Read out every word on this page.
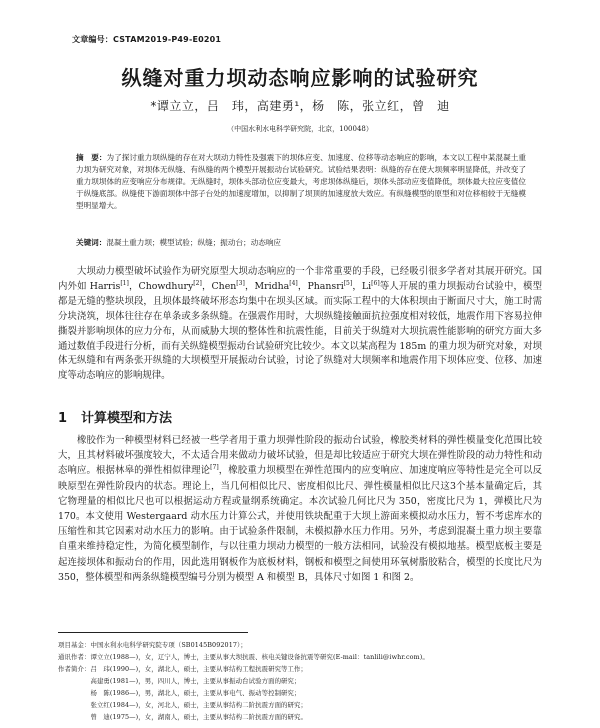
文章编号：CSTAM2019-P49-E0201
纵缝对重力坝动态响应影响的试验研究
*谭立立，吕　玮，高建勇¹，杨　陈，张立红，曾　迪
（中国水利水电科学研究院，北京，100048）
摘　要：为了探讨重力坝纵缝的存在对大坝动力特性及强震下的坝体应变、加速度、位移等动态响应的影响，本文以工程中某混凝土重力坝为研究对象，对坝体无纵缝、有纵缝的两个模型开展振动台试验研究。试验结果表明：纵缝的存在使大坝频率明显降低，并改变了重力坝坝体的应变响应分布规律。无纵缝时，坝体头部动位应变最大，考虑坝体纵缝后，坝体头部动应变值降低，坝体最大拉应变值位于纵缝底部。纵缝使下游面坝体中部子台处的加速度增加，以抑制了坝顶的加速度放大效应。有纵缝模型的原型和对位移相较于无缝模型明显增大。
关键词：混凝土重力坝；模型试验；纵缝；振动台；动态响应
大坝动力模型破坏试验作为研究原型大坝动态响应的一个非常重要的手段，已经吸引很多学者对其展开研究。国内外如 Harris[1]，Chowdhury[2]，Chen[3]，Mridha[4]，Phansri[5]，Li[6]等人开展的重力坝振动台试验中，模型都是无缝的整块坝段，且坝体最终破坏形态均集中在坝头区域。而实际工程中的大体积坝由于断面尺寸大，施工时需分块浇筑，坝体往往存在单条或多条纵缝。在强震作用时，大坝纵缝接触面抗拉强度相对较低，地震作用下容易拉伸撕裂并影响坝体的应力分布，从而威胁大坝的整体性和抗震性能，目前关于纵缝对大坝抗震性能影响的研究方面大多通过数值手段进行分析，而有关纵缝模型振动台试验研究比较少。本文以某高程为 185m 的重力坝为研究对象，对坝体无纵缝和有两条张开纵缝的大坝模型开展振动台试验，讨论了纵缝对大坝频率和地震作用下坝体应变、位移、加速度等动态响应的影响规律。
1 计算模型和方法
橡胶作为一种模型材料已经被一些学者用于重力坝弹性阶段的振动台试验，橡胶类材料的弹性模量变化范围比较大，且其材料破坏强度较大，不太适合用来做动力破坏试验，但是却比较适应于研究大坝在弹性阶段的动力特性和动态响应。根据林皋的弹性相似律理论[7]，橡胶重力坝模型在弹性范围内的应变响应、加速度响应等特性是完全可以反映原型在弹性阶段内的状态。理论上，当几何相似比尺、密度相似比尺、弹性模量相似比尺这3个基本量确定后，其它物理量的相似比尺也可以根据运动方程或量纲系统确定。本次试验几何比尺为 350，密度比尺为 1，弹模比尺为 170。本文使用 Westergaard 动水压力计算公式，并使用铁块配重于大坝上游面来模拟动水压力，暂不考虑库水的压缩性和其它因素对动水压力的影响。由于试验条件限制，未模拟静水压力作用。另外，考虑到混凝土重力坝主要靠自重来维持稳定性，为简化模型制作，与以往重力坝动力模型的一般方法相同，试验没有模拟地基。模型底板主要是起连接坝体和振动台的作用，因此选用钢板作为底板材料，钢板和模型之间使用环氧树脂胶粘合，模型的长度比尺为 350，整体模型和两条纵缝模型编号分别为模型 A 和模型 B，具体尺寸如图 1 和图 2。
项目基金：中国水利水电科学研究院专项（SB0145B092017）；
通讯作者：谭立立(1988—)，女，辽宁人，博士，主要从事大坝抗震、核电关键设备抗震等研究(E-mail：tanlili@iwhr.com)。
作者简介：吕　玮(1990—)，女，湖北人，硕士，主要从事结构工程抗震研究等工作；
　　　　　高建勇(1981—)，男，四川人，博士，主要从事振动台试验方面的研究；
　　　　　杨　陈(1986—)，男，湖北人，硕士，主要从事电气、振动等控制研究；
　　　　　张立红(1984—)，女，河北人，硕士，主要从事结构二阶抗震方面的研究；
　　　　　曾　迪(1975—)，女，湖南人，硕士，主要从事结构二阶抗震方面的研究。
